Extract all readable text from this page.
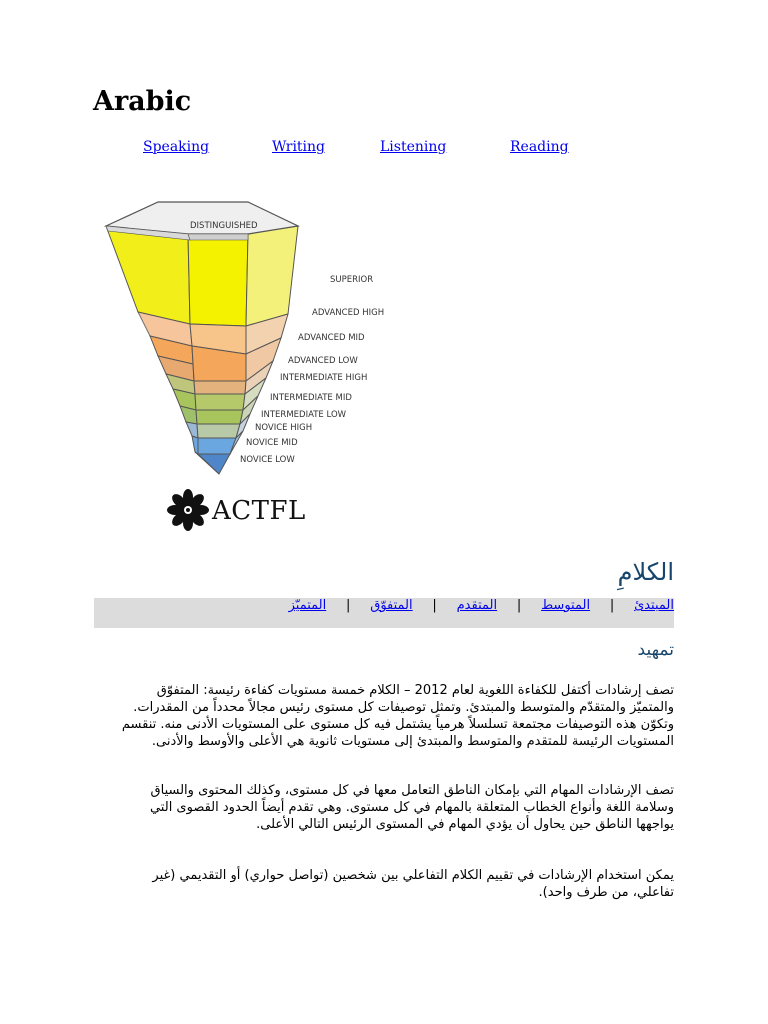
Arabic
Speaking	Writing	Listening	Reading
DISTINGUISHED
SUPERIOR
ADVANCED HIGH
ADVANCED MID
ADVANCED LOW
INTERMEDIATE HIGH
INTERMEDIATE MID
INTERMEDIATE LOW
NOVICE HIGH
NOVICE MID
NOVICE LOW
ACTFL
الكلامِ
المبتدئ
|
المتوسط
|
المتقدم
|
المتفوّق
|
المتميّز
تمهيد

تصف إرشادات أكتفل للكفاءة اللغوية لعام 2012 – الكلام خمسة مستويات كفاءة رئيسة: المتفوّق والمتميّز والمتقدّم والمتوسط والمبتدئ. وتمثل توصيفات كل مستوى رئيس مجالاً محدداً من المقدرات. وتكوّن هذه التوصيفات مجتمعة تسلسلاً هرمياً يشتمل فيه كل مستوى على المستويات الأدنى منه. تنقسم المستويات الرئيسة للمتقدم والمتوسط والمبتدئ إلى مستويات ثانوية هي الأعلى والأوسط والأدنى.

تصف الإرشادات المهام التي بإمكان الناطق التعامل معها في كل مستوى، وكذلك المحتوى والسياق وسلامة اللغة وأنواع الخطاب المتعلقة بالمهام في كل مستوى. وهي تقدم أيضاً الحدود القصوى التي يواجهها الناطق حين يحاول أن يؤدي المهام في المستوى الرئيس التالي الأعلى.

يمكن استخدام الإرشادات في تقييم الكلام التفاعلي بين شخصين (تواصل حواري) أو التقديمي (غير تفاعلي، من طرف واحد).
